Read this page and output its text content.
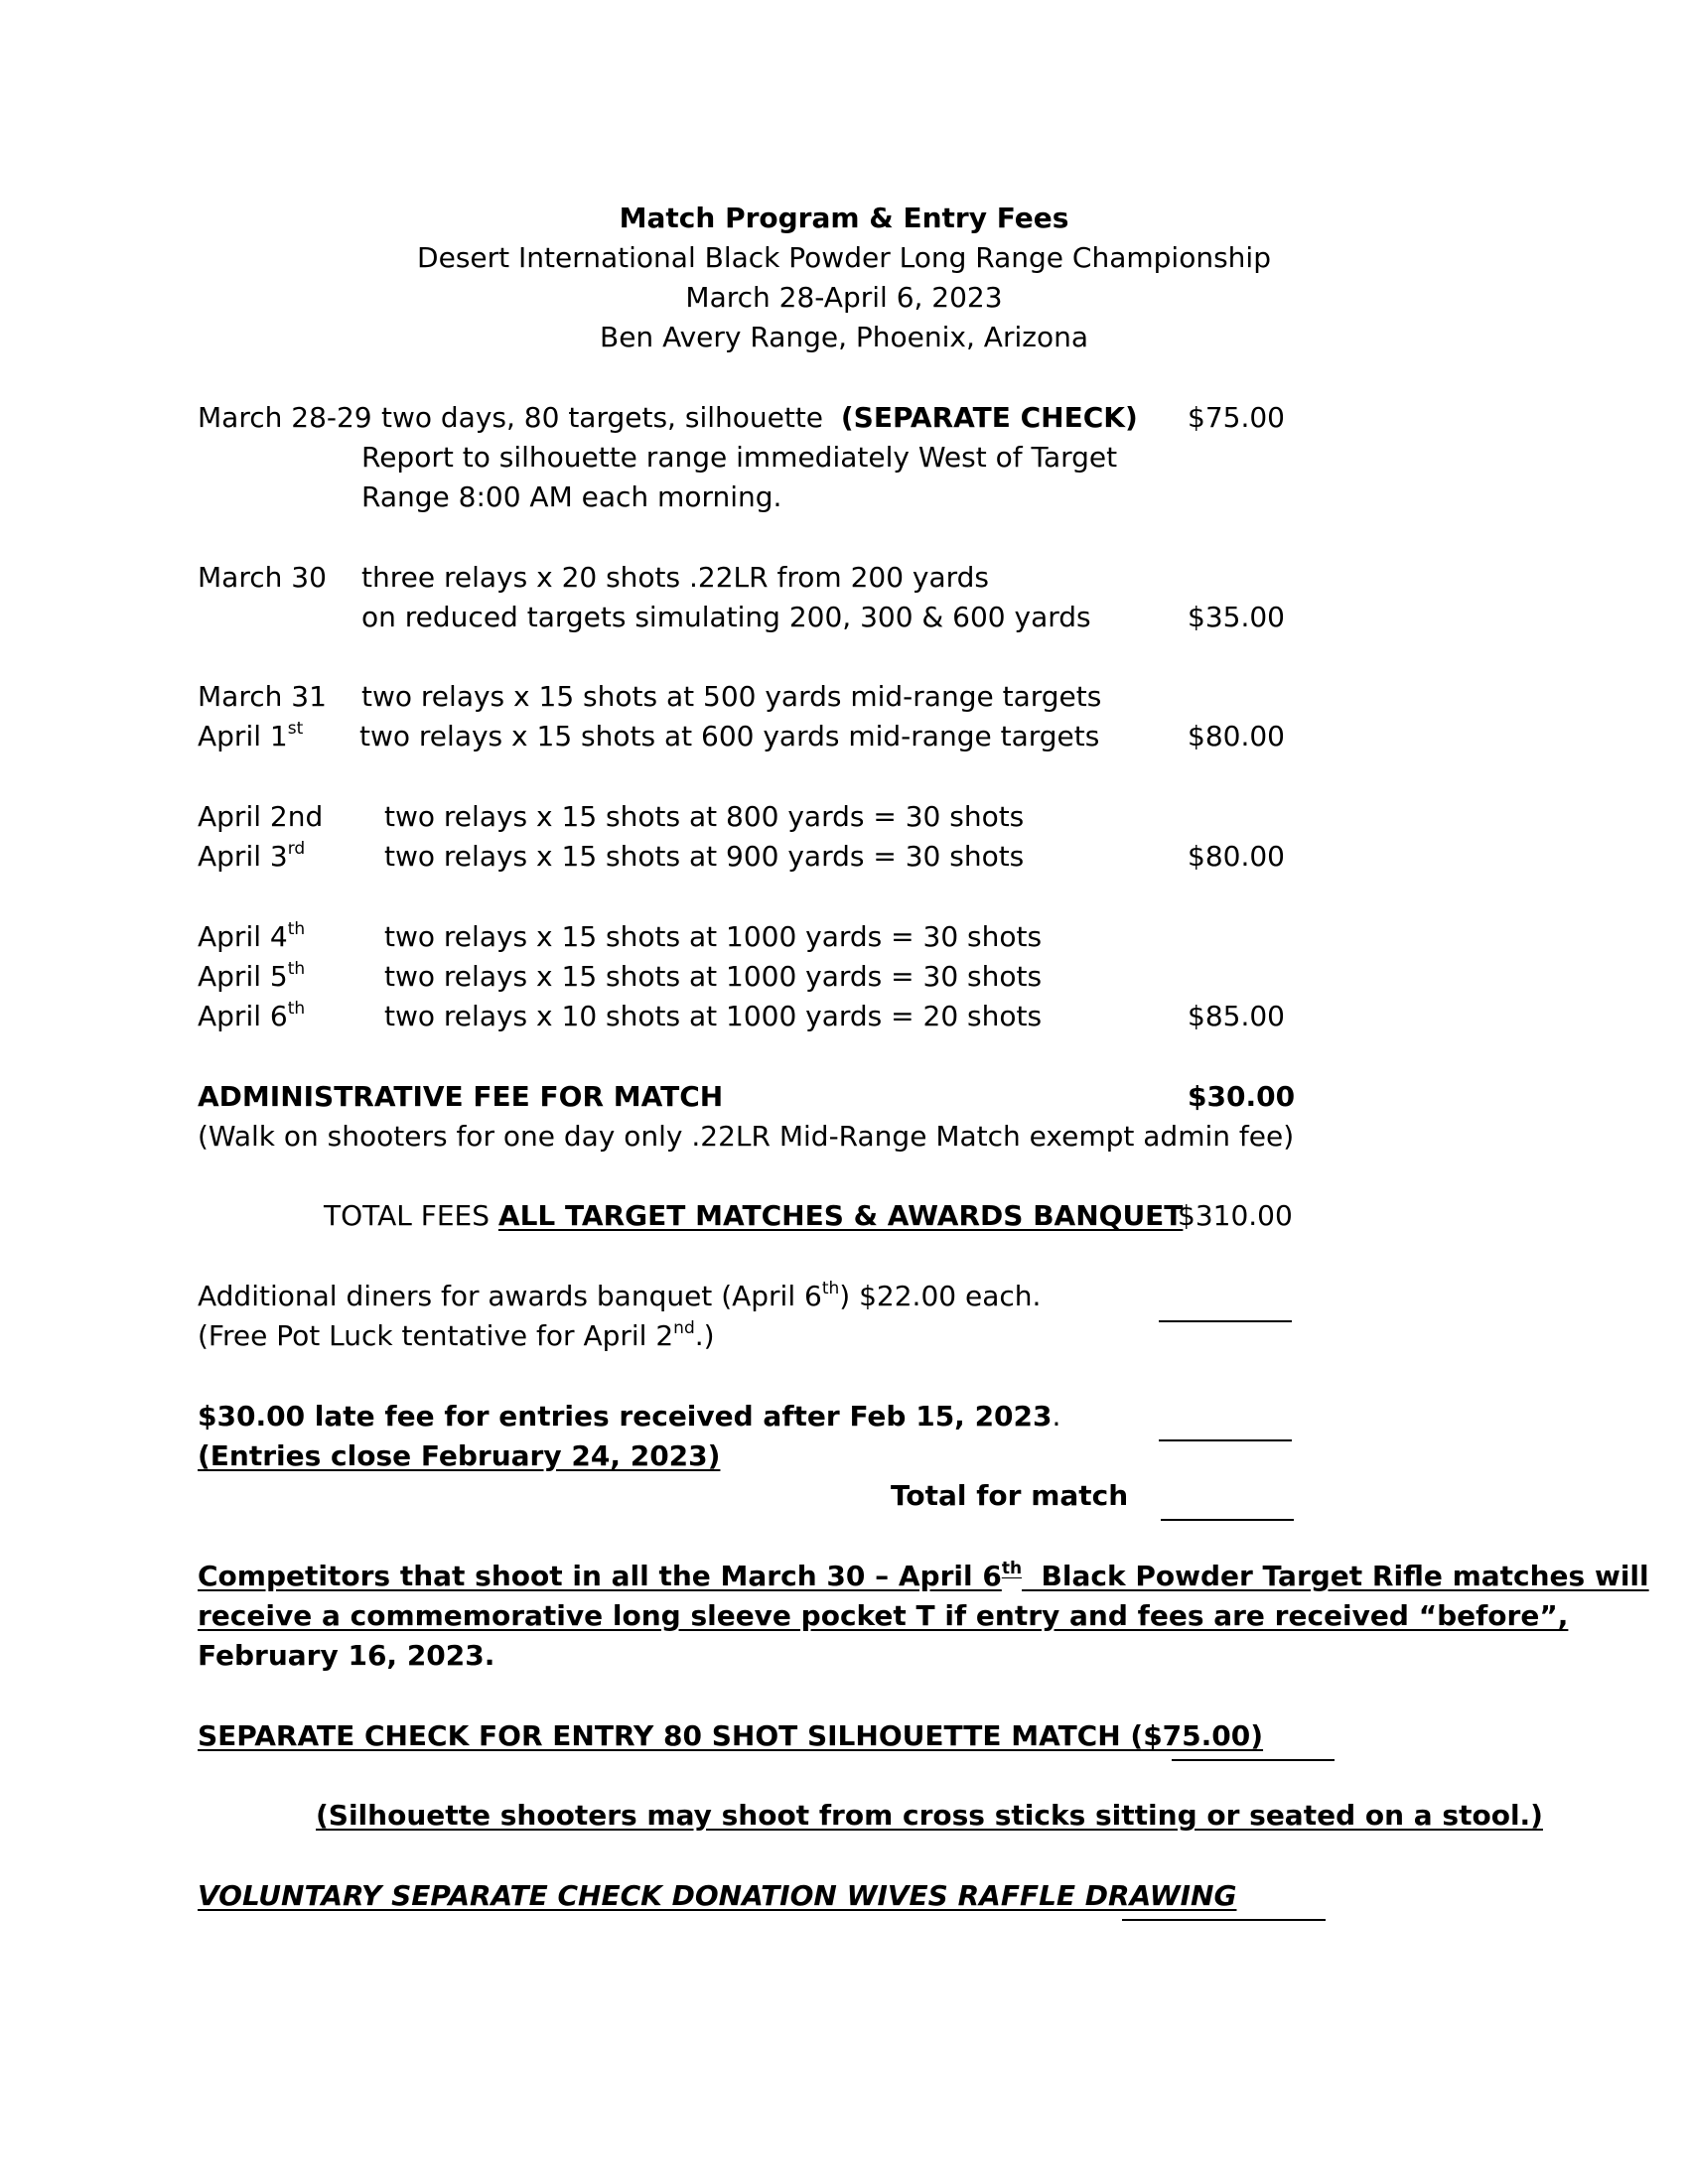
Match Program & Entry Fees
Desert International Black Powder Long Range Championship
March 28-April 6, 2023
Ben Avery Range, Phoenix, Arizona
March 28-29 two days, 80 targets, silhouette (SEPARATE CHECK) $75.00
Report to silhouette range immediately West of Target
Range 8:00 AM each morning.
March 30 three relays x 20 shots .22LR from 200 yards
on reduced targets simulating 200, 300 & 600 yards	$35.00
March 31 two relays x 15 shots at 500 yards mid-range targets
April 1st two relays x 15 shots at 600 yards mid-range targets	$80.00
April 2nd two relays x 15 shots at 800 yards = 30 shots
April 3rd	two relays x 15 shots at 900 yards = 30 shots	$80.00
April 4th	two relays x 15 shots at 1000 yards = 30 shots
April 5th	two relays x 15 shots at 1000 yards = 30 shots
April 6th	two relays x 10 shots at 1000 yards = 20 shots	$85.00
ADMINISTRATIVE FEE FOR MATCH	$30.00
(Walk on shooters for one day only .22LR Mid-Range Match exempt admin fee)
TOTAL FEES ALL TARGET MATCHES & AWARDS BANQUET
$310.00
Additional diners for awards banquet (April 6th) $22.00 each.
(Free Pot Luck tentative for April 2nd.)
$30.00 late fee for entries received after Feb 15, 2023.
(Entries close February 24, 2023)
Total for match
Competitors that shoot in all the March 30 – April 6th  Black Powder Target Rifle matches will
receive a commemorative long sleeve pocket T if entry and fees are received “before”,
February 16, 2023.
SEPARATE CHECK FOR ENTRY 80 SHOT SILHOUETTE MATCH ($75.00)
(Silhouette shooters may shoot from cross sticks sitting or seated on a stool.)
VOLUNTARY SEPARATE CHECK DONATION WIVES RAFFLE DRAWING
